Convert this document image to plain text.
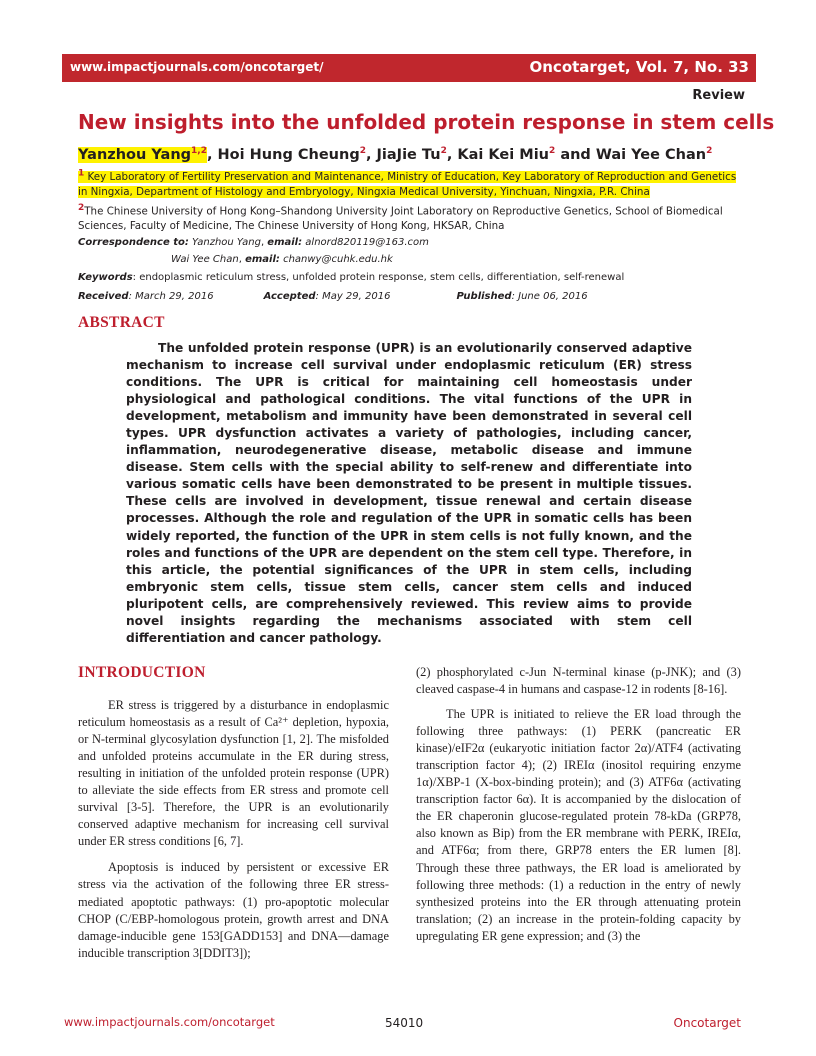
www.impactjournals.com/oncotarget/	Oncotarget, Vol. 7, No. 33
Review
New insights into the unfolded protein response in stem cells
Yanzhou Yang$^{1,2}$, Hoi Hung Cheung$^2$, JiaJie Tu$^2$, Kai Kei Miu$^2$ and Wai Yee Chan$^2$
$^1$ Key Laboratory of Fertility Preservation and Maintenance, Ministry of Education, Key Laboratory of Reproduction and Genetics in Ningxia, Department of Histology and Embryology, Ningxia Medical University, Yinchuan, Ningxia, P.R. China
$^2$The Chinese University of Hong Kong–Shandong University Joint Laboratory on Reproductive Genetics, School of Biomedical Sciences, Faculty of Medicine, The Chinese University of Hong Kong, HKSAR, China
Correspondence to: Yanzhou Yang, email: alnord820119@163.com
Wai Yee Chan, email: chanwy@cuhk.edu.hk
Keywords: endoplasmic reticulum stress, unfolded protein response, stem cells, differentiation, self-renewal
Received: March 29, 2016	Accepted: May 29, 2016	Published: June 06, 2016
ABSTRACT

The unfolded protein response (UPR) is an evolutionarily conserved adaptive mechanism to increase cell survival under endoplasmic reticulum (ER) stress conditions. The UPR is critical for maintaining cell homeostasis under physiological and pathological conditions. The vital functions of the UPR in development, metabolism and immunity have been demonstrated in several cell types. UPR dysfunction activates a variety of pathologies, including cancer, inflammation, neurodegenerative disease, metabolic disease and immune disease. Stem cells with the special ability to self-renew and differentiate into various somatic cells have been demonstrated to be present in multiple tissues. These cells are involved in development, tissue renewal and certain disease processes. Although the role and regulation of the UPR in somatic cells has been widely reported, the function of the UPR in stem cells is not fully known, and the roles and functions of the UPR are dependent on the stem cell type. Therefore, in this article, the potential significances of the UPR in stem cells, including embryonic stem cells, tissue stem cells, cancer stem cells and induced pluripotent cells, are comprehensively reviewed. This review aims to provide novel insights regarding the mechanisms associated with stem cell differentiation and cancer pathology.

INTRODUCTION

ER stress is triggered by a disturbance in endoplasmic reticulum homeostasis as a result of Ca²⁺ depletion, hypoxia, or N-terminal glycosylation dysfunction [1, 2]. The misfolded and unfolded proteins accumulate in the ER during stress, resulting in initiation of the unfolded protein response (UPR) to alleviate the side effects from ER stress and promote cell survival [3-5]. Therefore, the UPR is an evolutionarily conserved adaptive mechanism for increasing cell survival under ER stress conditions [6, 7].

Apoptosis is induced by persistent or excessive ER stress via the activation of the following three ER stress-mediated apoptotic pathways: (1) pro-apoptotic molecular CHOP (C/EBP-homologous protein, growth arrest and DNA damage-inducible gene 153[GADD153] and DNA—damage inducible transcription 3[DDIT3]);

(2) phosphorylated c-Jun N-terminal kinase (p-JNK); and (3) cleaved caspase-4 in humans and caspase-12 in rodents [8-16].

The UPR is initiated to relieve the ER load through the following three pathways: (1) PERK (pancreatic ER kinase)/eIF2α (eukaryotic initiation factor 2α)/ATF4 (activating transcription factor 4); (2) IREIα (inositol requiring enzyme 1α)/XBP-1 (X-box-binding protein); and (3) ATF6α (activating transcription factor 6α). It is accompanied by the dislocation of the ER chaperonin glucose-regulated protein 78-kDa (GRP78, also known as Bip) from the ER membrane with PERK, IREIα, and ATF6α; from there, GRP78 enters the ER lumen [8]. Through these three pathways, the ER load is ameliorated by following three methods: (1) a reduction in the entry of newly synthesized proteins into the ER through attenuating protein translation; (2) an increase in the protein-folding capacity by upregulating ER gene expression; and (3) the

www.impactjournals.com/oncotarget	54010	Oncotarget
